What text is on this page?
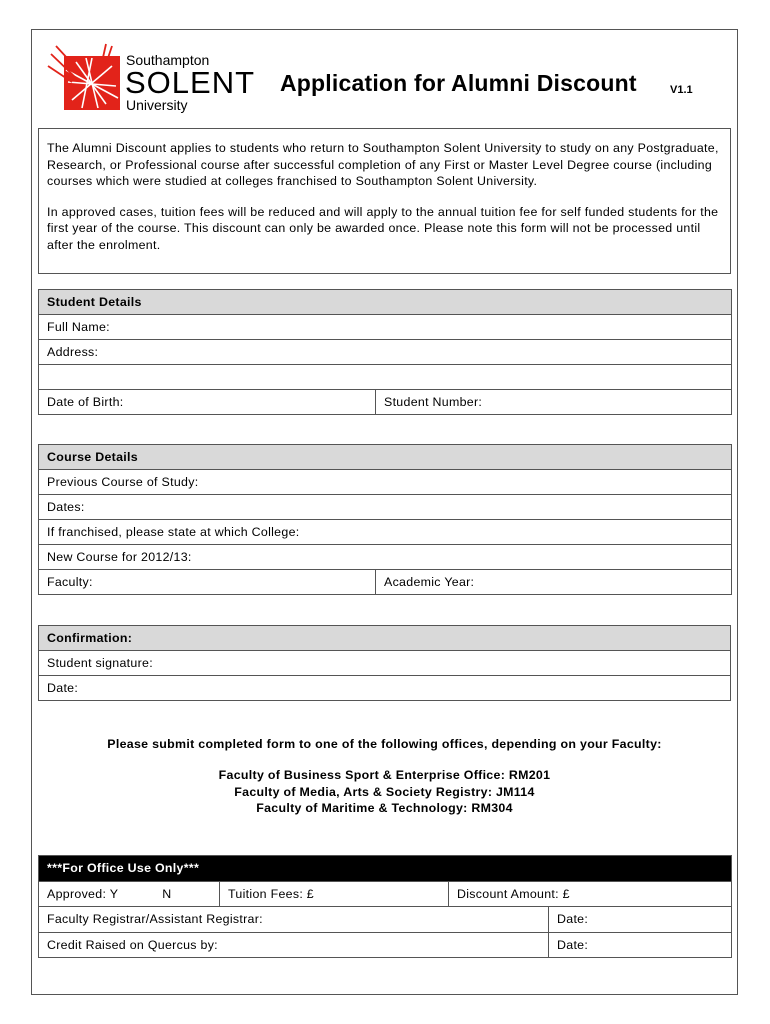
Southampton
SOLENT
University
Application for Alumni Discount	V1.1

The Alumni Discount applies to students who return to Southampton Solent University to study on any Postgraduate, Research, or Professional course after successful completion of any First or Master Level Degree course (including courses which were studied at colleges franchised to Southampton Solent University.

In approved cases, tuition fees will be reduced and will apply to the annual tuition fee for self funded students for the first year of the course. This discount can only be awarded once. Please note this form will not be processed until after the enrolment.

Student Details
Full Name:
Address:

Date of Birth:	Student Number:
Course Details
Previous Course of Study:
Dates:
If franchised, please state at which College:
New Course for 2012/13:
Faculty:	Academic Year:
Confirmation:
Student signature:
Date:
Please submit completed form to one of the following offices, depending on your Faculty:
Faculty of Business Sport & Enterprise Office: RM201
Faculty of Media, Arts & Society Registry: JM114
Faculty of Maritime & Technology: RM304
***For Office Use Only***			
Approved: Y N	Tuition Fees: £	Discount Amount: £	
Faculty Registrar/Assistant Registrar:			Date:
Credit Raised on Quercus by:			Date:
